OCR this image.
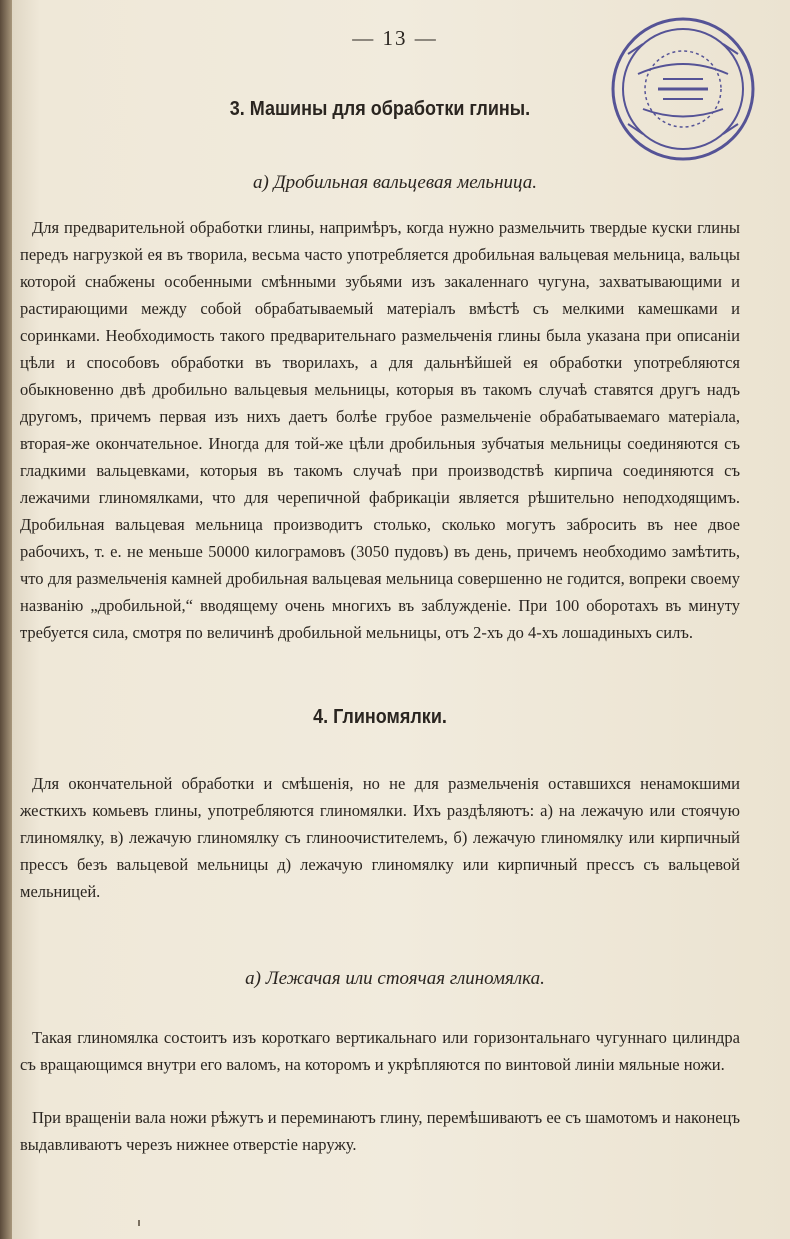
— 13 —
3. Машины для обработки глины.
а) Дробильная вальцевая мельница.
Для предварительной обработки глины, напримѣръ, когда нужно размельчить твердые куски глины передъ нагрузкой ея въ творила, весьма часто употребляется дробильная вальцевая мельница, вальцы которой снабжены особенными смѣнными зубьями изъ закаленнаго чугуна, захватывающими и растирающими между собой обрабатываемый матеріалъ вмѣстѣ съ мелкими камешками и соринками. Необходимость такого предварительнаго размельченія глины была указана при описаніи цѣли и способовъ обработки въ творилахъ, а для дальнѣйшей ея обработки употребляются обыкновенно двѣ дробильно вальцевыя мельницы, которыя въ такомъ случаѣ ставятся другъ надъ другомъ, причемъ первая изъ нихъ даетъ болѣе грубое размельченіе обрабатываемаго матеріала, вторая-же окончательное. Иногда для той-же цѣли дробильныя зубчатыя мельницы соединяются съ гладкими вальцевками, которыя въ такомъ случаѣ при производствѣ кирпича соединяются съ лежачими глиномялками, что для черепичной фабрикаціи является рѣшительно неподходящимъ. Дробильная вальцевая мельница производитъ столько, сколько могутъ забросить въ нее двое рабочихъ, т. е. не меньше 50000 килограмовъ (3050 пудовъ) въ день, причемъ необходимо замѣтить, что для размельченія камней дробильная вальцевая мельница совершенно не годится, вопреки своему названію „дробильной,“ вводящему очень многихъ въ заблужденіе. При 100 оборотахъ въ минуту требуется сила, смотря по величинѣ дробильной мельницы, отъ 2-хъ до 4-хъ лошадиныхъ силъ.
4. Глиномялки.
Для окончательной обработки и смѣшенія, но не для размельченія оставшихся ненамокшими жесткихъ комьевъ глины, употребляются глиномялки. Ихъ раздѣляютъ: а) на лежачую или стоячую глиномялку, в) лежачую глиномялку съ глиноочистителемъ, б) лежачую глиномялку или кирпичный прессъ безъ вальцевой мельницы д) лежачую глиномялку или кирпичный прессъ съ вальцевой мельницей.
а) Лежачая или стоячая глиномялка.
Такая глиномялка состоитъ изъ короткаго вертикальнаго или горизонтальнаго чугуннаго цилиндра съ вращающимся внутри его валомъ, на которомъ и укрѣпляются по винтовой линіи мяльные ножи.
При вращеніи вала ножи рѣжутъ и переминаютъ глину, перемѣшиваютъ ее съ шамотомъ и наконецъ выдавливаютъ черезъ нижнее отверстіе наружу.
